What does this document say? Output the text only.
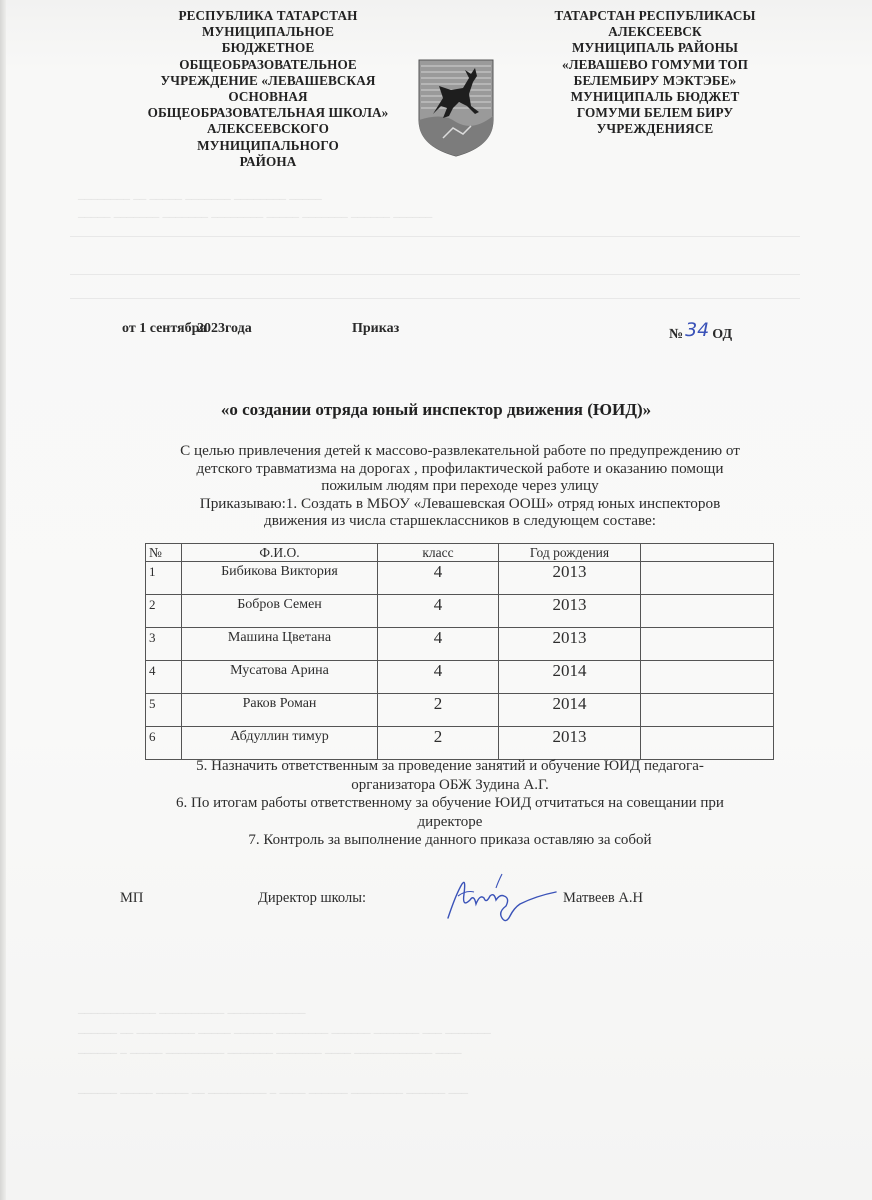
_____ ________ _______ _____ __ ________
______ ______ _______ _____ ________ _______ _______ _____
____________ __________ ____________
_______ ___ _______ ______ ________ ______ _____ _________ __ ______
____ ____________ ____ _______ _______ _________ _____ _ ______
___ ______ ________ ______ ____ _ _________ __ _____ _____ ______
РЕСПУБЛИКА ТАТАРСТАН
МУНИЦИПАЛЬНОЕ
БЮДЖЕТНОЕ
ОБЩЕОБРАЗОВАТЕЛЬНОЕ
УЧРЕЖДЕНИЕ «ЛЕВАШЕВСКАЯ
ОСНОВНАЯ
ОБЩЕОБРАЗОВАТЕЛЬНАЯ ШКОЛА»
АЛЕКСЕЕВСКОГО
МУНИЦИПАЛЬНОГО
РАЙОНА
ТАТАРСТАН РЕСПУБЛИКАСЫ
АЛЕКСЕЕВСК
МУНИЦИПАЛЬ РАЙОНЫ
«ЛЕВАШЕВО ГОМУМИ ТОП
БЕЛЕМБИРУ МЭКТЭБЕ»
МУНИЦИПАЛЬ БЮДЖЕТ
ГОМУМИ БЕЛЕМ БИРУ
УЧРЕЖДЕНИЯСЕ
от 1 сентября
2023года	Приказ	№ 34 ОД
«о создании отряда юный инспектор движения (ЮИД)»
С целью привлечения детей к массово-развлекательной работе по предупреждению от
детского травматизма на дорогах , профилактической работе и оказанию помощи
пожилым людям при переходе через улицу
Приказываю:1. Создать в МБОУ «Левашевская ООШ» отряд юных инспекторов
движения из числа старшеклассников в следующем составе:
№	Ф.И.О.	класс	Год рождения	
1	Бибикова Виктория	4	2013	
2	Бобров Семен	4	2013	
3	Машина Цветана	4	2013	
4	Мусатова Арина	4	2014	
5	Раков Роман	2	2014	
6	Абдуллин тимур	2	2013	
5. Назначить ответственным за проведение занятий и обучение ЮИД педагога-
организатора ОБЖ Зудина А.Г.
6. По итогам работы ответственному за обучение ЮИД отчитаться на совещании при
директоре
7. Контроль за выполнение данного приказа оставляю за собой
МП	Директор школы:	Матвеев А.Н
